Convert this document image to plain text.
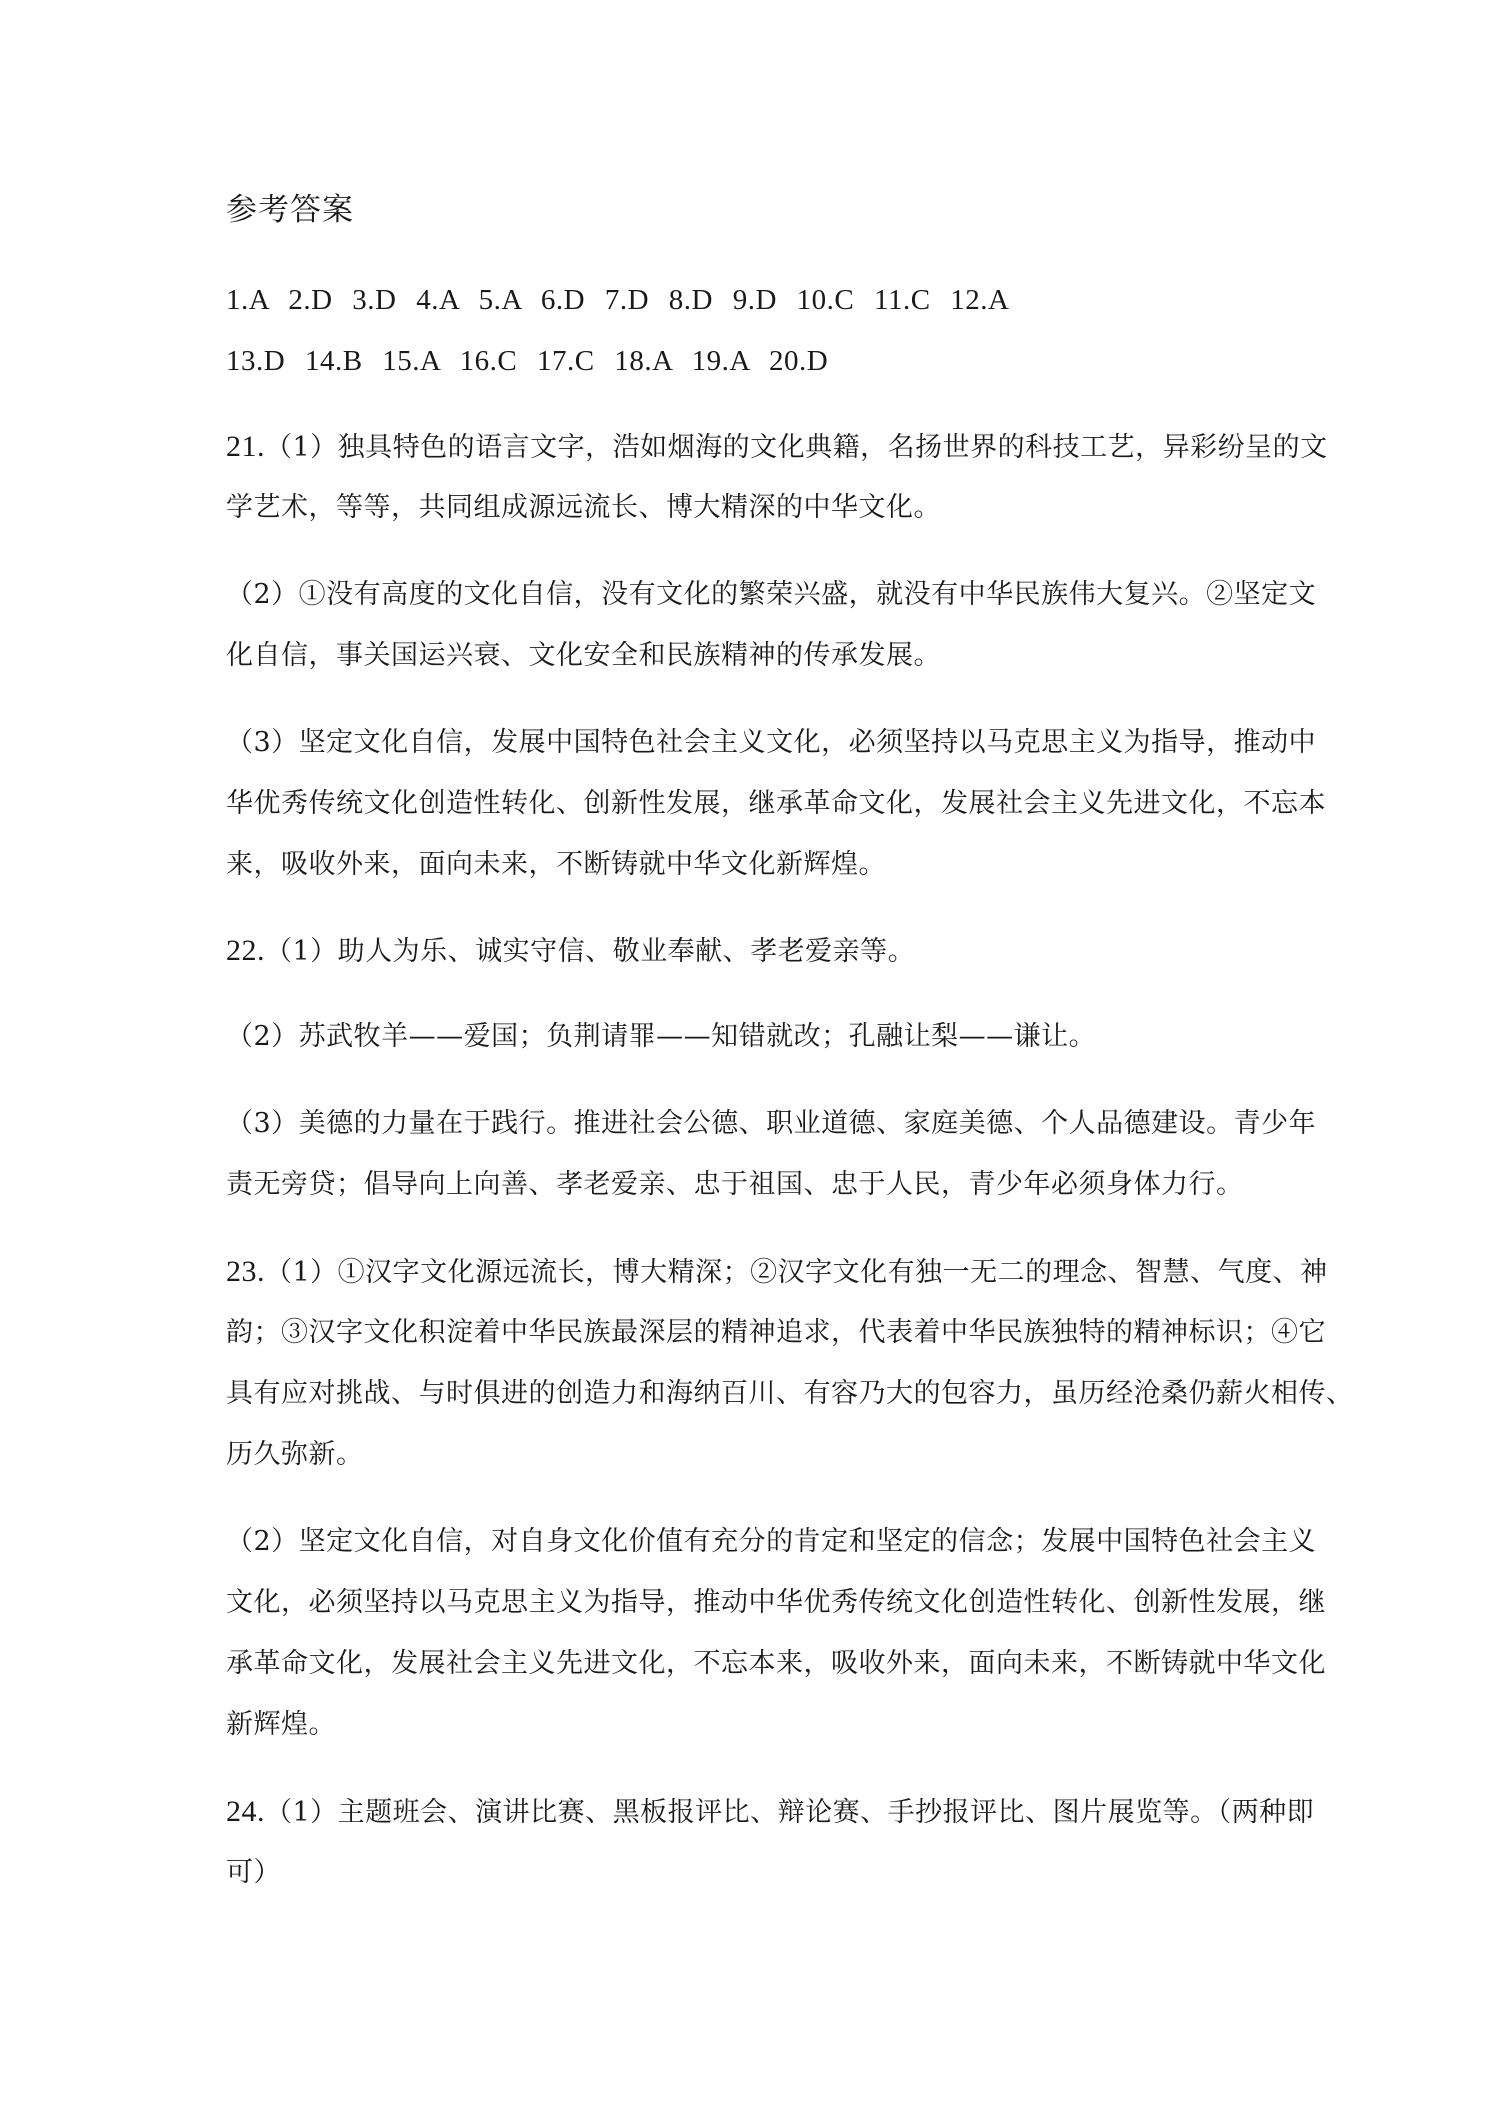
参考答案

1.A 2.D 3.D 4.A 5.A 6.D 7.D 8.D 9.D 10.C 11.C 12.A

13.D 14.B 15.A 16.C 17.C 18.A 19.A 20.D

21.（1）独具特色的语言文字，浩如烟海的文化典籍，名扬世界的科技工艺，异彩纷呈的文

学艺术，等等，共同组成源远流长、博大精深的中华文化。

（2）①没有高度的文化自信，没有文化的繁荣兴盛，就没有中华民族伟大复兴。②坚定文

化自信，事关国运兴衰、文化安全和民族精神的传承发展。

（3）坚定文化自信，发展中国特色社会主义文化，必须坚持以马克思主义为指导，推动中

华优秀传统文化创造性转化、创新性发展，继承革命文化，发展社会主义先进文化，不忘本

来，吸收外来，面向未来，不断铸就中华文化新辉煌。

22.（1）助人为乐、诚实守信、敬业奉献、孝老爱亲等。

（2）苏武牧羊——爱国；负荆请罪——知错就改；孔融让梨——谦让。

（3）美德的力量在于践行。推进社会公德、职业道德、家庭美德、个人品德建设。青少年

责无旁贷；倡导向上向善、孝老爱亲、忠于祖国、忠于人民，青少年必须身体力行。

23.（1）①汉字文化源远流长，博大精深；②汉字文化有独一无二的理念、智慧、气度、神

韵；③汉字文化积淀着中华民族最深层的精神追求，代表着中华民族独特的精神标识；④它

具有应对挑战、与时俱进的创造力和海纳百川、有容乃大的包容力，虽历经沧桑仍薪火相传、

历久弥新。

（2）坚定文化自信，对自身文化价值有充分的肯定和坚定的信念；发展中国特色社会主义

文化，必须坚持以马克思主义为指导，推动中华优秀传统文化创造性转化、创新性发展，继

承革命文化，发展社会主义先进文化，不忘本来，吸收外来，面向未来，不断铸就中华文化

新辉煌。

24.（1）主题班会、演讲比赛、黑板报评比、辩论赛、手抄报评比、图片展览等。（两种即

可）
